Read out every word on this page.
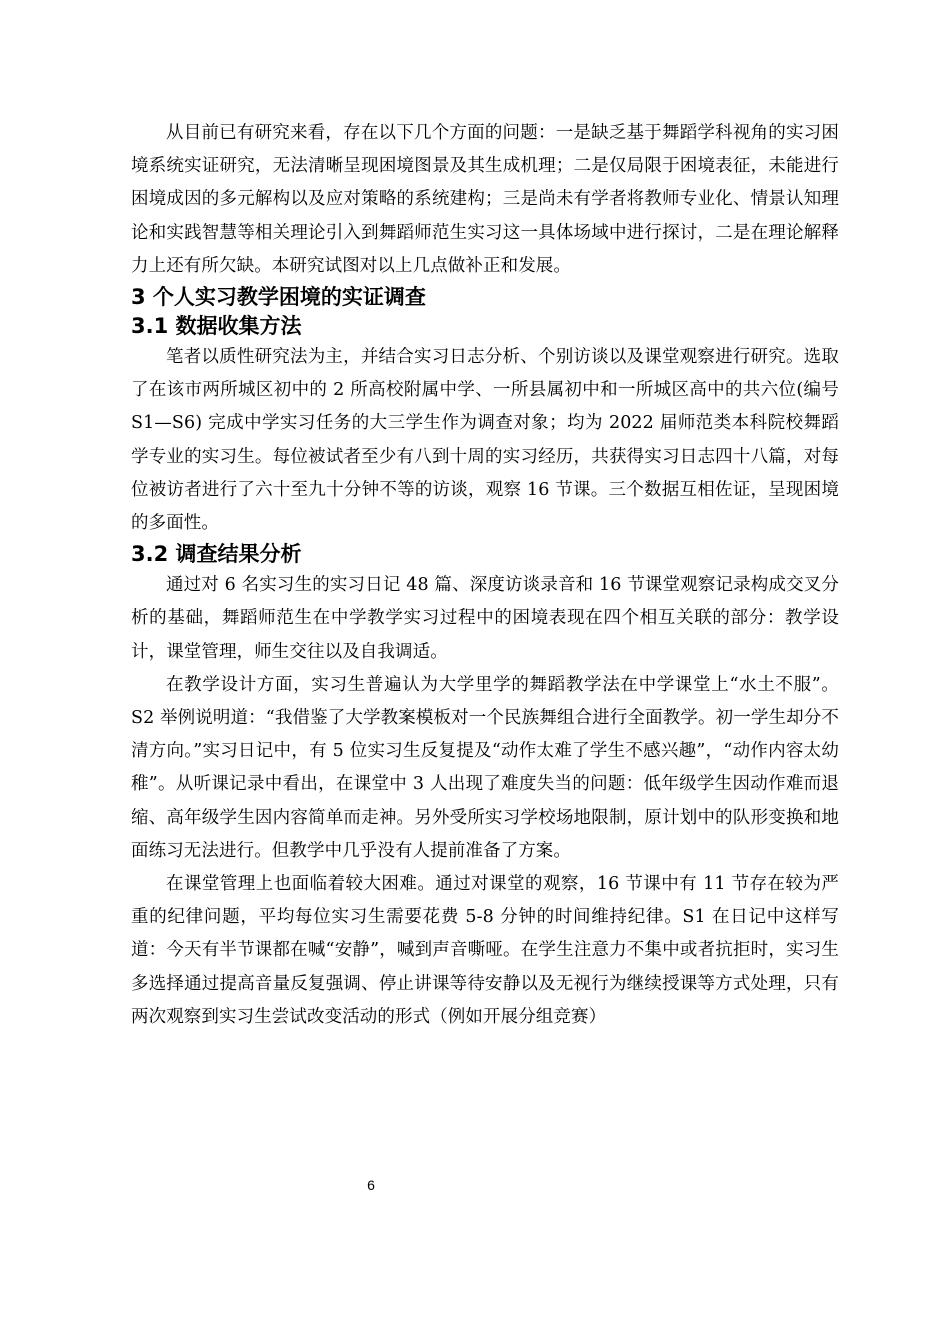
从目前已有研究来看，存在以下几个方面的问题：一是缺乏基于舞蹈学科视角的实习困境系统实证研究，无法清晰呈现困境图景及其生成机理；二是仅局限于困境表征，未能进行困境成因的多元解构以及应对策略的系统建构；三是尚未有学者将教师专业化、情景认知理论和实践智慧等相关理论引入到舞蹈师范生实习这一具体场域中进行探讨，二是在理论解释力上还有所欠缺。本研究试图对以上几点做补正和发展。

3 个人实习教学困境的实证调查
3.1 数据收集方法

笔者以质性研究法为主，并结合实习日志分析、个别访谈以及课堂观察进行研究。选取了在该市两所城区初中的 2 所高校附属中学、一所县属初中和一所城区高中的共六位(编号 S1—S6) 完成中学实习任务的大三学生作为调查对象；均为 2022 届师范类本科院校舞蹈学专业的实习生。每位被试者至少有八到十周的实习经历，共获得实习日志四十八篇，对每位被访者进行了六十至九十分钟不等的访谈，观察 16 节课。三个数据互相佐证，呈现困境的多面性。

3.2 调查结果分析

通过对 6 名实习生的实习日记 48 篇、深度访谈录音和 16 节课堂观察记录构成交叉分析的基础，舞蹈师范生在中学教学实习过程中的困境表现在四个相互关联的部分：教学设计，课堂管理，师生交往以及自我调适。

在教学设计方面，实习生普遍认为大学里学的舞蹈教学法在中学课堂上“水土不服”。S2 举例说明道：“我借鉴了大学教案模板对一个民族舞组合进行全面教学。初一学生却分不清方向。”实习日记中，有 5 位实习生反复提及“动作太难了学生不感兴趣”，“动作内容太幼稚”。从听课记录中看出，在课堂中 3 人出现了难度失当的问题：低年级学生因动作难而退缩、高年级学生因内容简单而走神。另外受所实习学校场地限制，原计划中的队形变换和地面练习无法进行。但教学中几乎没有人提前准备了方案。

在课堂管理上也面临着较大困难。通过对课堂的观察，16 节课中有 11 节存在较为严重的纪律问题，平均每位实习生需要花费 5-8 分钟的时间维持纪律。S1 在日记中这样写道：今天有半节课都在喊“安静”，喊到声音嘶哑。在学生注意力不集中或者抗拒时，实习生多选择通过提高音量反复强调、停止讲课等待安静以及无视行为继续授课等方式处理，只有两次观察到实习生尝试改变活动的形式（例如开展分组竞赛）

6
